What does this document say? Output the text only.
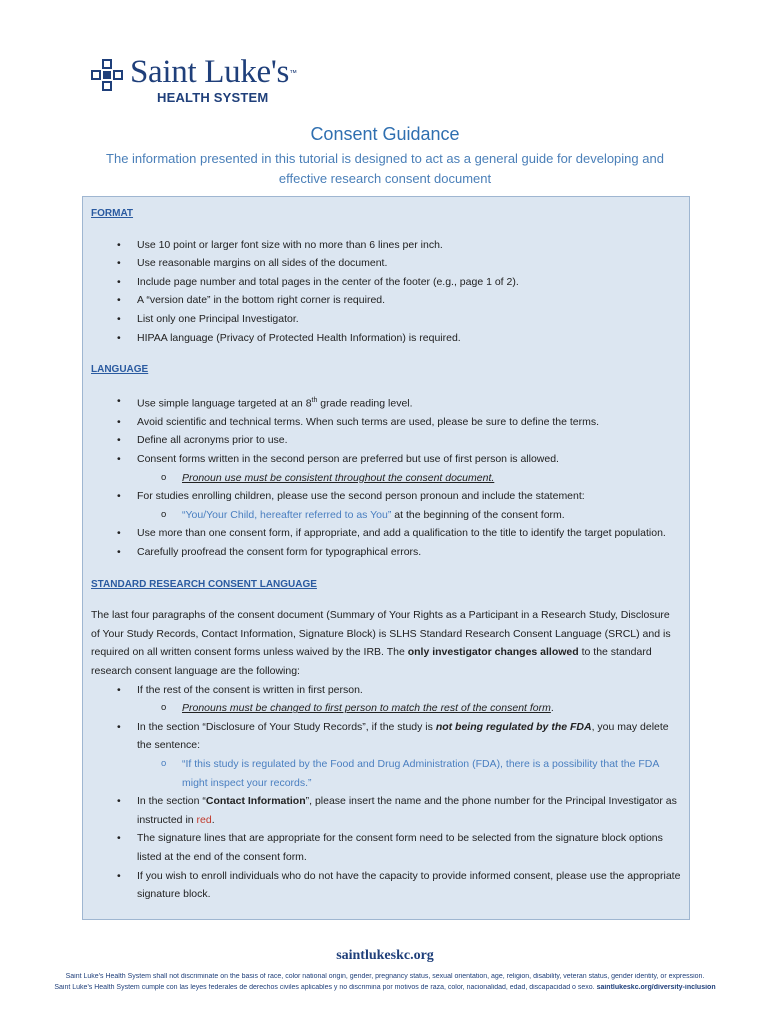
Saint Luke's™
HEALTH SYSTEM
Consent Guidance
The information presented in this tutorial is designed to act as a general guide for developing and effective research consent document

FORMAT

• Use 10 point or larger font size with no more than 6 lines per inch.
• Use reasonable margins on all sides of the document.
• Include page number and total pages in the center of the footer (e.g., page 1 of 2).
• A “version date” in the bottom right corner is required.
• List only one Principal Investigator.
• HIPAA language (Privacy of Protected Health Information) is required.

LANGUAGE

• Use simple language targeted at an 8th grade reading level.
• Avoid scientific and technical terms. When such terms are used, please be sure to define the terms.
• Define all acronyms prior to use.
• Consent forms written in the second person are preferred but use of first person is allowed.
o Pronoun use must be consistent throughout the consent document.
• For studies enrolling children, please use the second person pronoun and include the statement:
o “You/Your Child, hereafter referred to as You” at the beginning of the consent form.
• Use more than one consent form, if appropriate, and add a qualification to the title to identify the target population.
• Carefully proofread the consent form for typographical errors.

STANDARD RESEARCH CONSENT LANGUAGE

The last four paragraphs of the consent document (Summary of Your Rights as a Participant in a Research Study, Disclosure of Your Study Records, Contact Information, Signature Block) is SLHS Standard Research Consent Language (SRCL) and is required on all written consent forms unless waived by the IRB. The only investigator changes allowed to the standard research consent language are the following:

• If the rest of the consent is written in first person.
o Pronouns must be changed to first person to match the rest of the consent form.
• In the section “Disclosure of Your Study Records”, if the study is not being regulated by the FDA, you may delete the sentence:
o “If this study is regulated by the Food and Drug Administration (FDA), there is a possibility that the FDA might inspect your records.”
• In the section “Contact Information”, please insert the name and the phone number for the Principal Investigator as instructed in red.
• The signature lines that are appropriate for the consent form need to be selected from the signature block options listed at the end of the consent form.
• If you wish to enroll individuals who do not have the capacity to provide informed consent, please use the appropriate signature block.
saintlukeskc.org
Saint Luke's Health System shall not discriminate on the basis of race, color national origin, gender, pregnancy status, sexual orientation, age, religion, disability, veteran status, gender identity, or expression.
Saint Luke's Health System cumple con las leyes federales de derechos civiles aplicables y no discrimina por motivos de raza, color, nacionalidad, edad, discapacidad o sexo. saintlukeskc.org/diversity-inclusion
